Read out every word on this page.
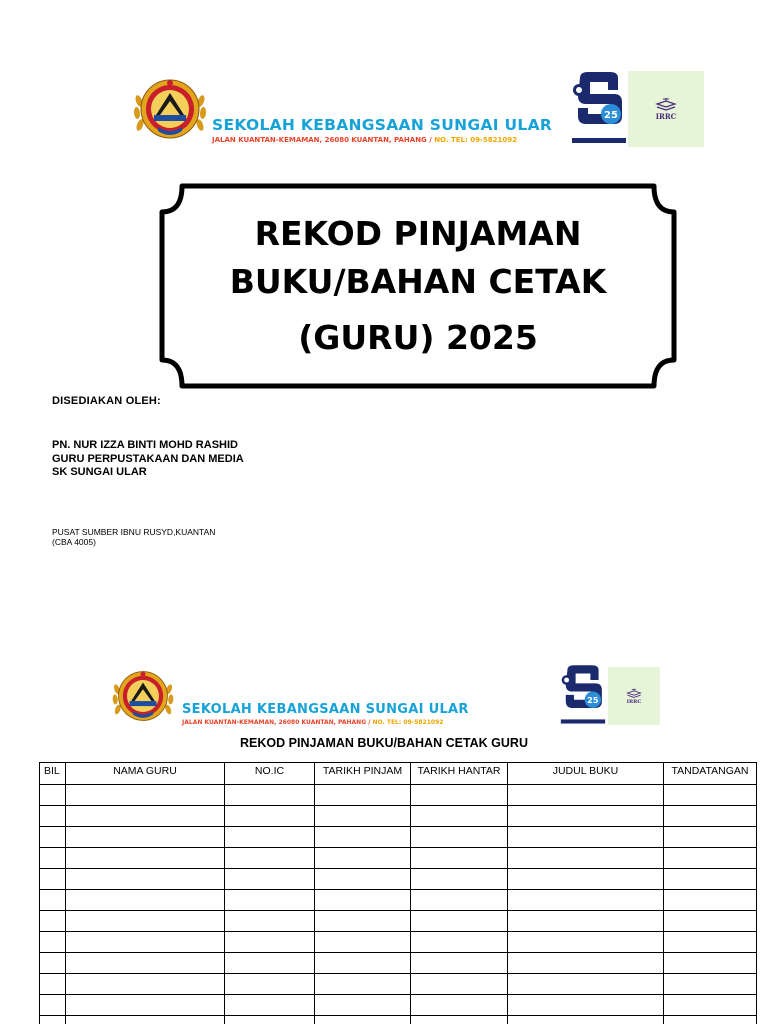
SEKOLAH KEBANGSAAN SUNGAI ULAR
JALAN KUANTAN-KEMAMAN, 26080 KUANTAN, PAHANG / NO. TEL: 09-5821092
25	IRRC
REKOD PINJAMAN
BUKU/BAHAN CETAK
(GURU) 2025
DISEDIAKAN OLEH:
PN. NUR IZZA BINTI MOHD RASHID
GURU PERPUSTAKAAN DAN MEDIA
SK SUNGAI ULAR
PUSAT SUMBER IBNU RUSYD,KUANTAN
(CBA 4005)
SEKOLAH KEBANGSAAN SUNGAI ULAR
JALAN KUANTAN-KEMAMAN, 26080 KUANTAN, PAHANG / NO. TEL: 09-5821092
25	IRRC
REKOD PINJAMAN BUKU/BAHAN CETAK GURU
BIL	NAMA GURU	NO.IC	TARIKH PINJAM	TARIKH HANTAR	JUDUL BUKU	TANDATANGAN
